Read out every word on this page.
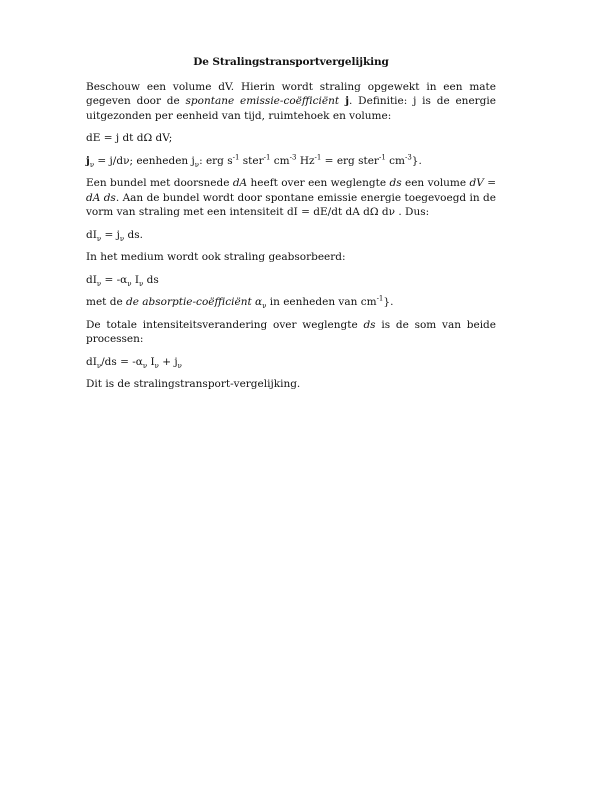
De Stralingstransportvergelijking

Beschouw een volume dV. Hierin wordt straling opgewekt in een mate gegeven door de spontane emissie-coëfficiënt j. Definitie: j is de energie uitgezonden per eenheid van tijd, ruimtehoek en volume:

dE = j dt dΩ dV;

$j_\nu = j/d\nu$; eenheden $j_\nu$: erg $s^{-1}$ ster$^{-1}$ $cm^{-3}$ $Hz^{-1}$ = erg ster$^{-1}$ $cm^{-3}$}.

Een bundel met doorsnede dA heeft over een weglengte ds een volume dV = dA ds. Aan de bundel wordt door spontane emissie energie toegevoegd in de vorm van straling met een intensiteit dI = dE/dt dA dΩ dν . Dus:

$dI_\nu = j_\nu$ ds.

In het medium wordt ook straling geabsorbeerd:

$dI_\nu = -\alpha_\nu$ $I_\nu$ ds

met de de absorptie-coëfficiënt $\alpha_\nu$ in eenheden van $cm^{-1}$}.

De totale intensiteitsverandering over weglengte ds is de som van beide processen:

$dI_\nu/ds = -\alpha_\nu$ $I_\nu + j_\nu$

Dit is de stralingstransport-vergelijking.
